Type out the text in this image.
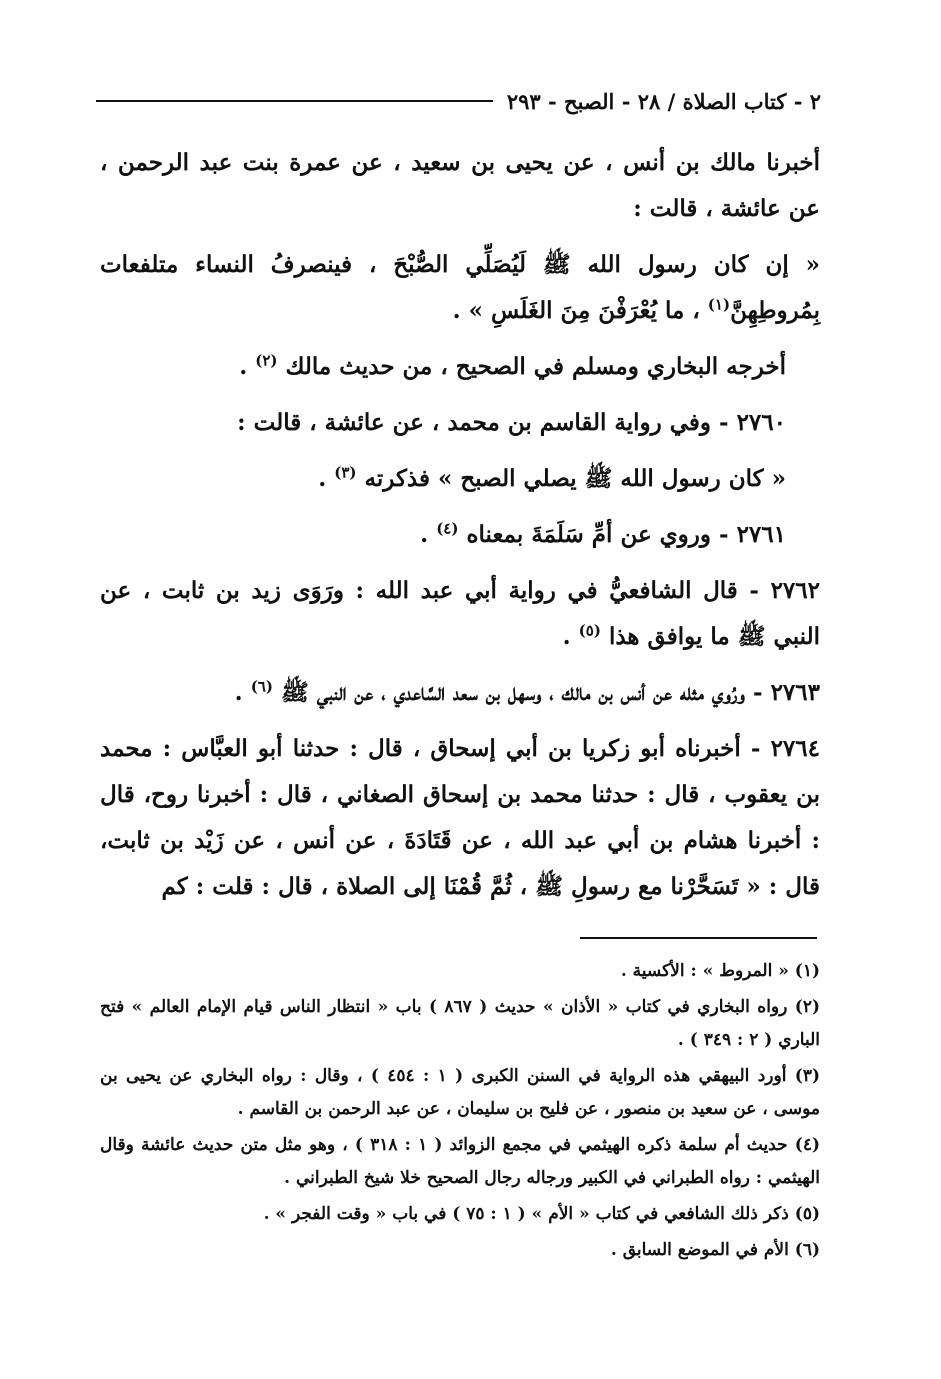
٢ - كتاب الصلاة / ٢٨ - الصبح - ٢٩٣

أخبرنا مالك بن أنس ، عن يحيى بن سعيد ، عن عمرة بنت عبد الرحمن ، عن عائشة ، قالت :

« إن كان رسول الله ﷺ لَيُصَلِّي الصُّبْحَ ، فينصرفُ النساء متلفعات بِمُروطِهِنَّ$^{(١)}$ ، ما يُعْرَفْنَ مِنَ الغَلَسِ » .

أخرجه البخاري ومسلم في الصحيح ، من حديث مالك $^{(٢)}$ .

٢٧٦٠ - وفي رواية القاسم بن محمد ، عن عائشة ، قالت :

« كان رسول الله ﷺ يصلي الصبح » فذكرته $^{(٣)}$ .

٢٧٦١ - وروي عن أمِّ سَلَمَةَ بمعناه $^{(٤)}$ .

٢٧٦٢ - قال الشافعيُّ في رواية أبي عبد الله : ورَوَى زيد بن ثابت ، عن النبي ﷺ ما يوافق هذا $^{(٥)}$ .

٢٧٦٣ - ورُوي مثله عن أنس بن مالك ، وسهل بن سعد السَّاعدي ، عن النبي ﷺ $^{(٦)}$ .

٢٧٦٤ - أخبرناه أبو زكريا بن أبي إسحاق ، قال : حدثنا أبو العبَّاس : محمد بن يعقوب ، قال : حدثنا محمد بن إسحاق الصغاني ، قال : أخبرنا روح، قال : أخبرنا هشام بن أبي عبد الله ، عن قَتَادَةَ ، عن أنس ، عن زَيْد بن ثابت، قال : « تَسَحَّرْنا مع رسولِ ﷺ ، ثُمَّ قُمْنَا إلى الصلاة ، قال : قلت : كم

(١) « المروط » : الأكسية .

(٢) رواه البخاري في كتاب « الأذان » حديث ( ٨٦٧ ) باب « انتظار الناس قيام الإمام العالم » فتح الباري ( ٢ : ٣٤٩ ) .

(٣) أورد البيهقي هذه الرواية في السنن الكبرى ( ١ : ٤٥٤ ) ، وقال : رواه البخاري عن يحيى بن موسى ، عن سعيد بن منصور ، عن فليح بن سليمان ، عن عبد الرحمن بن القاسم .

(٤) حديث أم سلمة ذكره الهيثمي في مجمع الزوائد ( ١ : ٣١٨ ) ، وهو مثل متن حديث عائشة وقال الهيثمي : رواه الطبراني في الكبير ورجاله رجال الصحيح خلا شيخ الطبراني .

(٥) ذكر ذلك الشافعي في كتاب « الأم » ( ١ : ٧٥ ) في باب « وقت الفجر » .

(٦) الأم في الموضع السابق .
